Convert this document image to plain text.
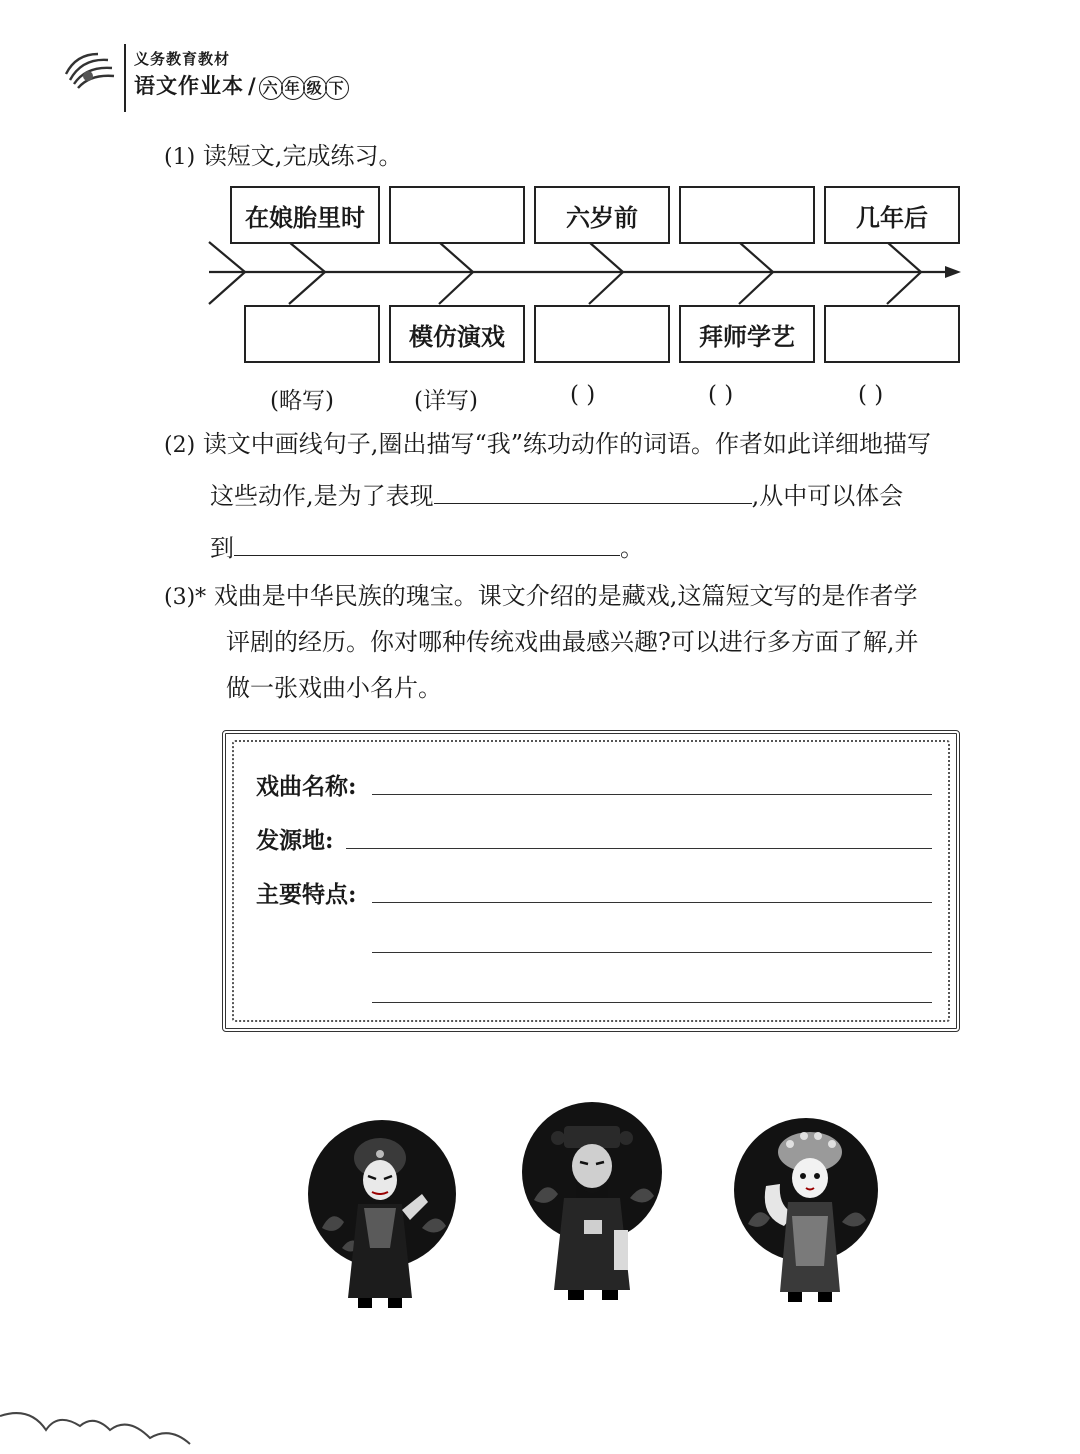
义务教育教材
语文作业本 / 六 年 级 下
(1) 读短文,完成练习。
在娘胎里时	六岁前	几年后
模仿演戏	拜师学艺
(略写)	(详写)	( )	( )	( )
(2) 读文中画线句子,圈出描写“我”练功动作的词语。作者如此详细地描写
这些动作,是为了表现	,从中可以体会
到	。
(3)* 戏曲是中华民族的瑰宝。课文介绍的是藏戏,这篇短文写的是作者学
评剧的经历。你对哪种传统戏曲最感兴趣?可以进行多方面了解,并
做一张戏曲小名片。
戏曲名称:
发源地:
主要特点:
